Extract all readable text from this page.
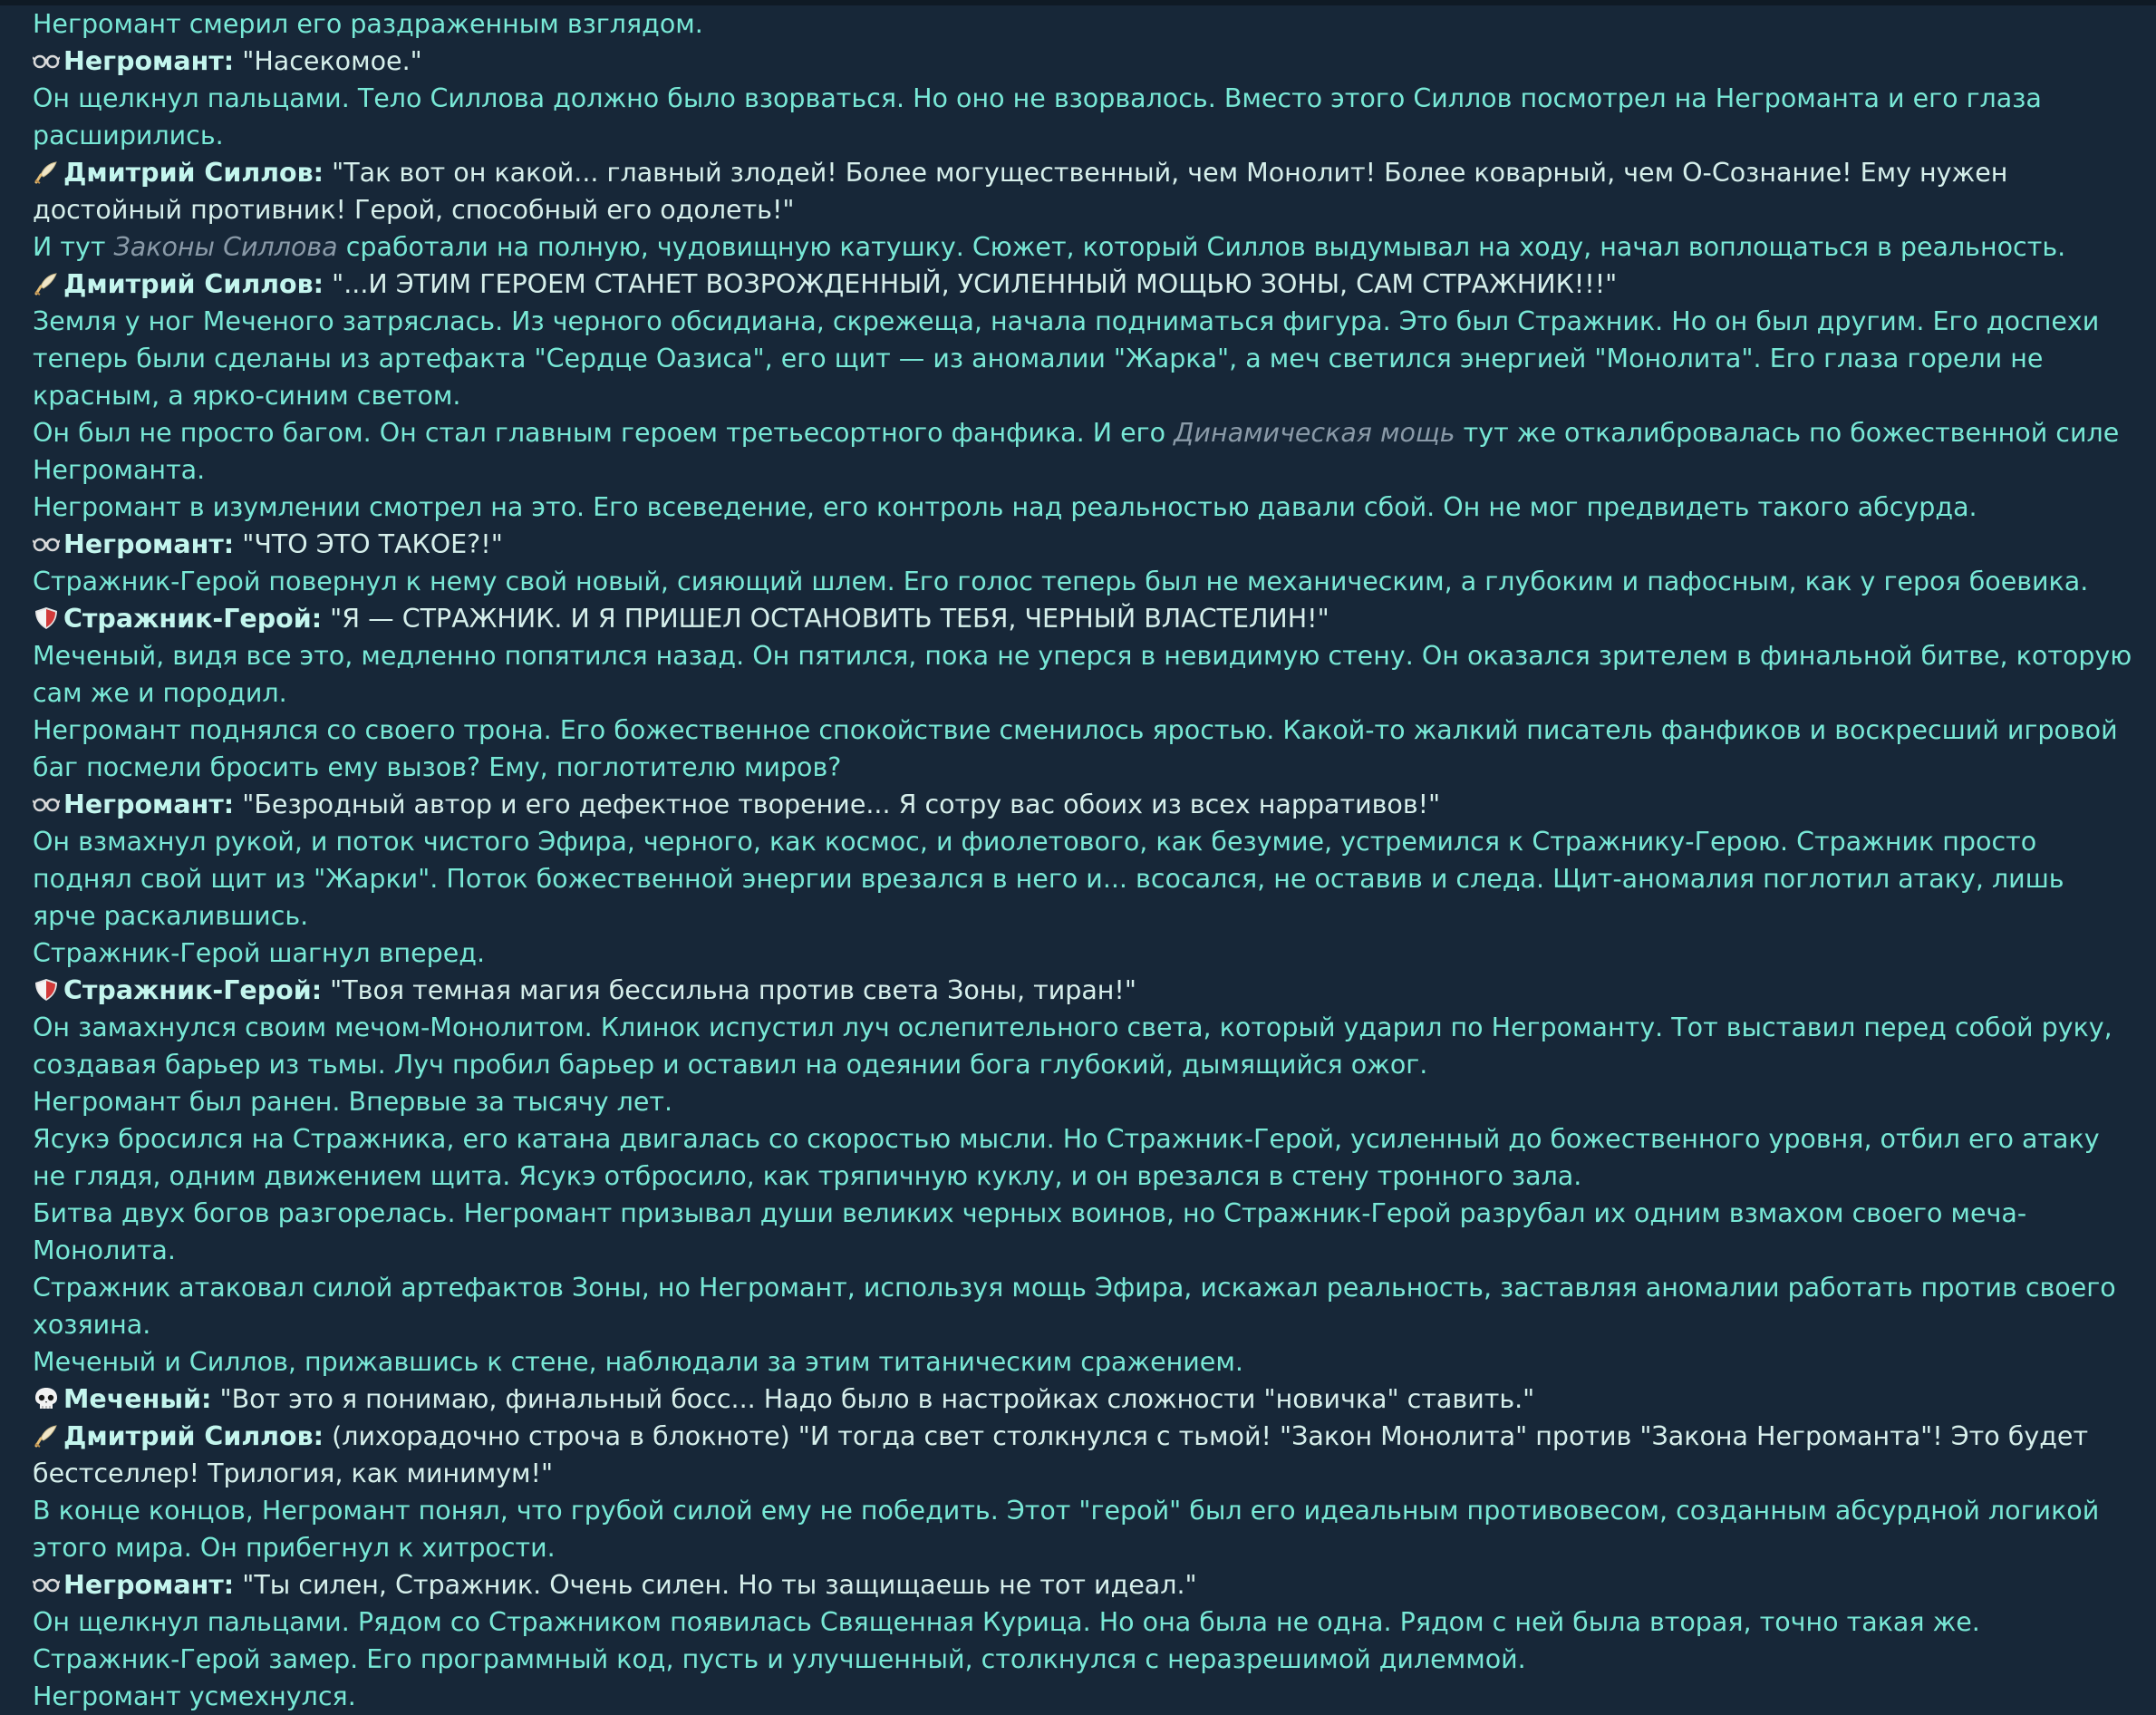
Негромант смерил его раздраженным взглядом.
Негромант: "Насекомое."
Он щелкнул пальцами. Тело Силлова должно было взорваться. Но оно не взорвалось. Вместо этого Силлов посмотрел на Негроманта и его глаза расширились.
Дмитрий Силлов: "Так вот он какой... главный злодей! Более могущественный, чем Монолит! Более коварный, чем О-Сознание! Ему нужен достойный противник! Герой, способный его одолеть!"
И тут Законы Силлова сработали на полную, чудовищную катушку. Сюжет, который Силлов выдумывал на ходу, начал воплощаться в реальность.
Дмитрий Силлов: "...И ЭТИМ ГЕРОЕМ СТАНЕТ ВОЗРОЖДЕННЫЙ, УСИЛЕННЫЙ МОЩЬЮ ЗОНЫ, САМ СТРАЖНИК!!!"
Земля у ног Меченого затряслась. Из черного обсидиана, скрежеща, начала подниматься фигура. Это был Стражник. Но он был другим. Его доспехи теперь были сделаны из артефакта "Сердце Оазиса", его щит — из аномалии "Жарка", а меч светился энергией "Монолита". Его глаза горели не красным, а ярко-синим светом.
Он был не просто багом. Он стал главным героем третьесортного фанфика. И его Динамическая мощь тут же откалибровалась по божественной силе Негроманта.
Негромант в изумлении смотрел на это. Его всеведение, его контроль над реальностью давали сбой. Он не мог предвидеть такого абсурда.
Негромант: "ЧТО ЭТО ТАКОЕ?!"
Стражник-Герой повернул к нему свой новый, сияющий шлем. Его голос теперь был не механическим, а глубоким и пафосным, как у героя боевика.
Стражник-Герой: "Я — СТРАЖНИК. И Я ПРИШЕЛ ОСТАНОВИТЬ ТЕБЯ, ЧЕРНЫЙ ВЛАСТЕЛИН!"
Меченый, видя все это, медленно попятился назад. Он пятился, пока не уперся в невидимую стену. Он оказался зрителем в финальной битве, которую сам же и породил.
Негромант поднялся со своего трона. Его божественное спокойствие сменилось яростью. Какой-то жалкий писатель фанфиков и воскресший игровой баг посмели бросить ему вызов? Ему, поглотителю миров?
Негромант: "Безродный автор и его дефектное творение... Я сотру вас обоих из всех нарративов!"
Он взмахнул рукой, и поток чистого Эфира, черного, как космос, и фиолетового, как безумие, устремился к Стражнику-Герою. Стражник просто поднял свой щит из "Жарки". Поток божественной энергии врезался в него и... всосался, не оставив и следа. Щит-аномалия поглотил атаку, лишь ярче раскалившись.
Стражник-Герой шагнул вперед.
Стражник-Герой: "Твоя темная магия бессильна против света Зоны, тиран!"
Он замахнулся своим мечом-Монолитом. Клинок испустил луч ослепительного света, который ударил по Негроманту. Тот выставил перед собой руку, создавая барьер из тьмы. Луч пробил барьер и оставил на одеянии бога глубокий, дымящийся ожог.
Негромант был ранен. Впервые за тысячу лет.
Ясукэ бросился на Стражника, его катана двигалась со скоростью мысли. Но Стражник-Герой, усиленный до божественного уровня, отбил его атаку не глядя, одним движением щита. Ясукэ отбросило, как тряпичную куклу, и он врезался в стену тронного зала.
Битва двух богов разгорелась. Негромант призывал души великих черных воинов, но Стражник-Герой разрубал их одним взмахом своего меча-Монолита.
Стражник атаковал силой артефактов Зоны, но Негромант, используя мощь Эфира, искажал реальность, заставляя аномалии работать против своего хозяина.
Меченый и Силлов, прижавшись к стене, наблюдали за этим титаническим сражением.
Меченый: "Вот это я понимаю, финальный босс... Надо было в настройках сложности "новичка" ставить."
Дмитрий Силлов: (лихорадочно строча в блокноте) "И тогда свет столкнулся с тьмой! "Закон Монолита" против "Закона Негроманта"! Это будет бестселлер! Трилогия, как минимум!"
В конце концов, Негромант понял, что грубой силой ему не победить. Этот "герой" был его идеальным противовесом, созданным абсурдной логикой этого мира. Он прибегнул к хитрости.
Негромант: "Ты силен, Стражник. Очень силен. Но ты защищаешь не тот идеал."
Он щелкнул пальцами. Рядом со Стражником появилась Священная Курица. Но она была не одна. Рядом с ней была вторая, точно такая же.
Стражник-Герой замер. Его программный код, пусть и улучшенный, столкнулся с неразрешимой дилеммой.
Негромант усмехнулся.
